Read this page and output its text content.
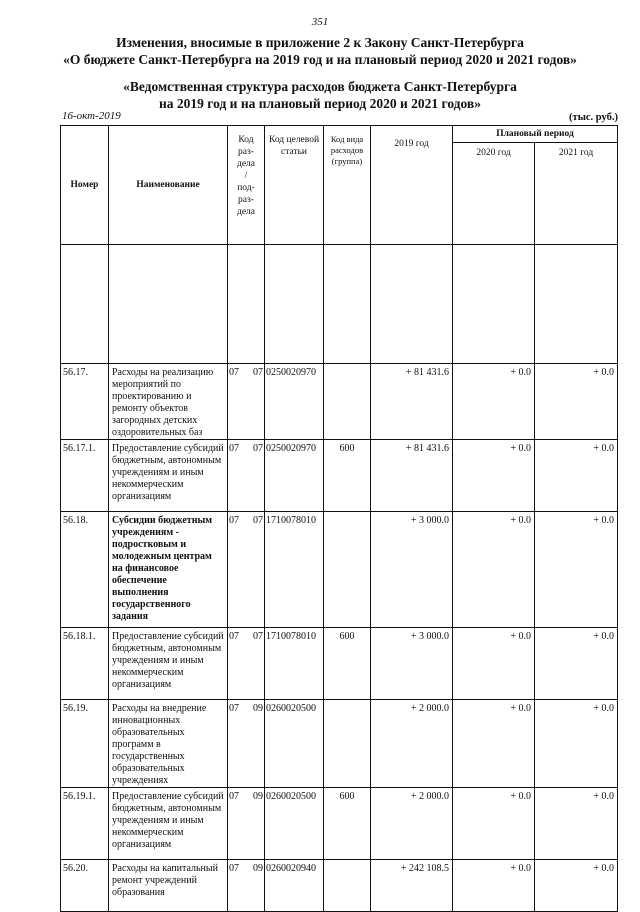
351
Изменения, вносимые в приложение 2 к Закону Санкт-Петербурга
«О бюджете Санкт-Петербурга на 2019 год и на плановый период 2020 и 2021 годов»
«Ведомственная структура расходов бюджета Санкт-Петербурга
на 2019 год и на плановый период 2020 и 2021 годов»
16-окт-2019	(тыс. руб.)
Номер	Наименование	Код раз- дела/ под- раз- дела	Код целевой статьи	Код вида расходов (группа)	2019 год	Плановый период	
						2020 год	2021 год

56.17.	Расходы на реализацию мероприятий по проектированию и ремонту объектов загородных детских оздоровительных баз	07 07	0250020970		+ 81 431.6	+ 0.0	+ 0.0
56.17.1.	Предоставление субсидий бюджетным, автономным учреждениям и иным некоммерческим организациям	07 07	0250020970	600	+ 81 431.6	+ 0.0	+ 0.0
56.18.	Субсидии бюджетным учреждениям - подростковым и молодежным центрам на финансовое обеспечение выполнения государственного задания	07 07	1710078010		+ 3 000.0	+ 0.0	+ 0.0
56.18.1.	Предоставление субсидий бюджетным, автономным учреждениям и иным некоммерческим организациям	07 07	1710078010	600	+ 3 000.0	+ 0.0	+ 0.0
56.19.	Расходы на внедрение инновационных образовательных программ в государственных образовательных учреждениях	07 09	0260020500		+ 2 000.0	+ 0.0	+ 0.0
56.19.1.	Предоставление субсидий бюджетным, автономным учреждениям и иным некоммерческим организациям	07 09	0260020500	600	+ 2 000.0	+ 0.0	+ 0.0
56.20.	Расходы на капитальный ремонт учреждений образования	07 09	0260020940		+ 242 108.5	+ 0.0	+ 0.0
